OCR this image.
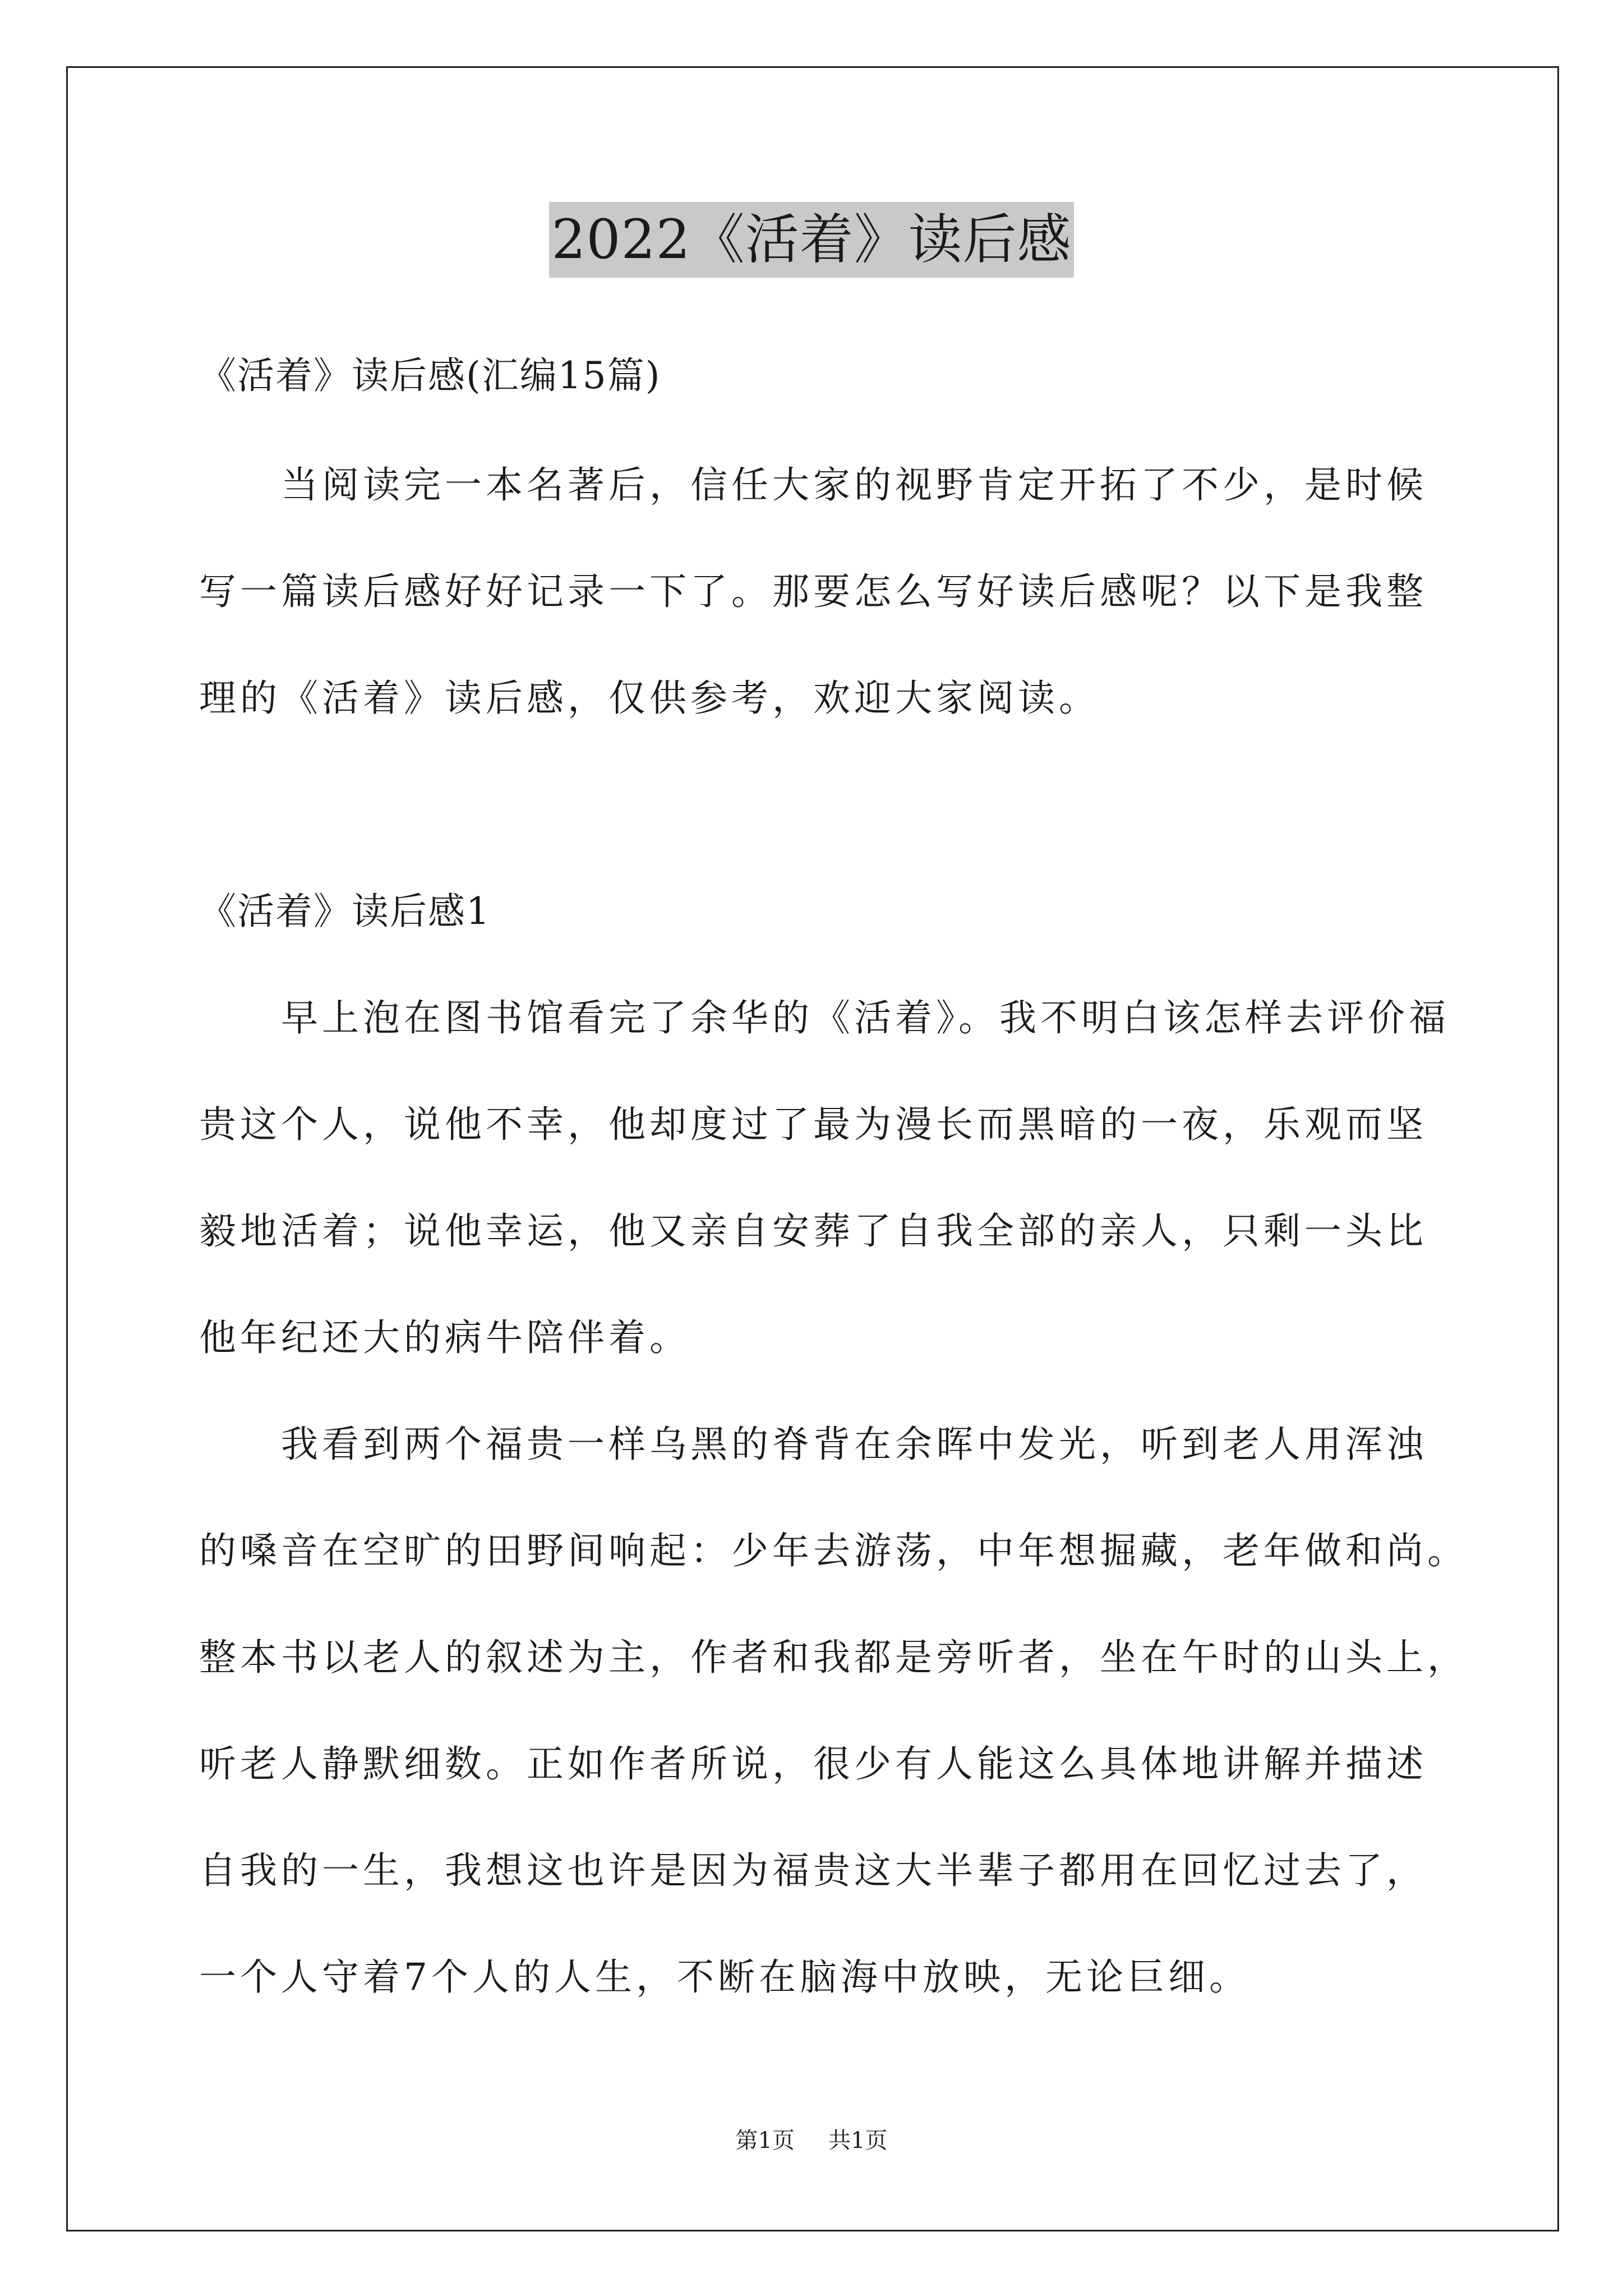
2022《活着》读后感
《活着》读后感(汇编15篇)
　　当阅读完一本名著后，信任大家的视野肯定开拓了不少，是时候
写一篇读后感好好记录一下了。那要怎么写好读后感呢？以下是我整
理的《活着》读后感，仅供参考，欢迎大家阅读。
《活着》读后感1
　　早上泡在图书馆看完了余华的《活着》。我不明白该怎样去评价福
贵这个人，说他不幸，他却度过了最为漫长而黑暗的一夜，乐观而坚
毅地活着；说他幸运，他又亲自安葬了自我全部的亲人，只剩一头比
他年纪还大的病牛陪伴着。
　　我看到两个福贵一样乌黑的脊背在余晖中发光，听到老人用浑浊
的嗓音在空旷的田野间响起：少年去游荡，中年想掘藏，老年做和尚。
整本书以老人的叙述为主，作者和我都是旁听者，坐在午时的山头上，
听老人静默细数。正如作者所说，很少有人能这么具体地讲解并描述
自我的一生，我想这也许是因为福贵这大半辈子都用在回忆过去了，
一个人守着7个人的人生，不断在脑海中放映，无论巨细。
第1页 共1页
